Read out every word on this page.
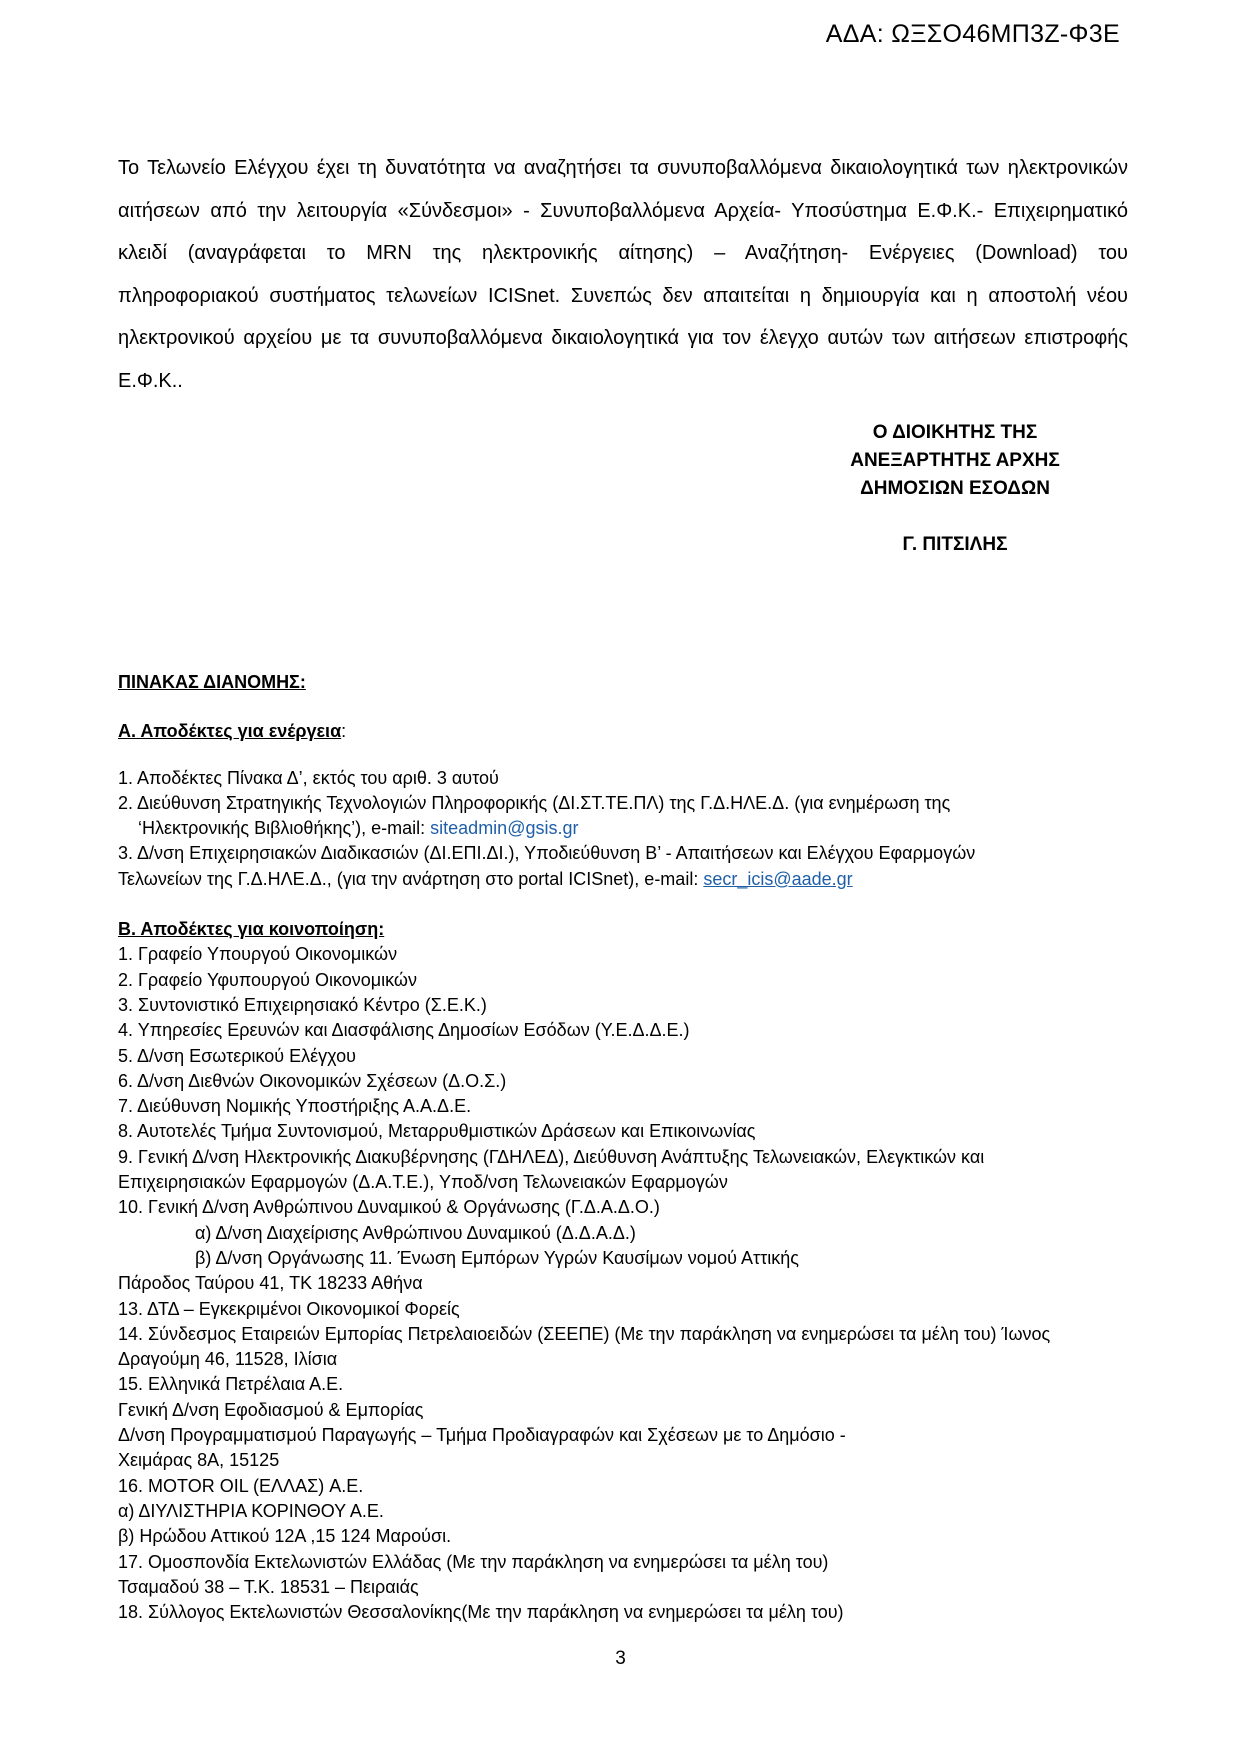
ΑΔΑ: ΩΞΣΟ46ΜΠ3Ζ-Φ3Ε

Το Τελωνείο Ελέγχου έχει τη δυνατότητα να αναζητήσει τα συνυποβαλλόμενα δικαιολογητικά των ηλεκτρονικών αιτήσεων από την λειτουργία «Σύνδεσμοι» - Συνυποβαλλόμενα Αρχεία- Υποσύστημα Ε.Φ.Κ.- Επιχειρηματικό κλειδί (αναγράφεται το MRN της ηλεκτρονικής αίτησης) – Αναζήτηση- Ενέργειες (Download) του πληροφοριακού συστήματος τελωνείων ICISnet. Συνεπώς δεν απαιτείται η δημιουργία και η αποστολή νέου ηλεκτρονικού αρχείου με τα συνυποβαλλόμενα δικαιολογητικά για τον έλεγχο αυτών των αιτήσεων επιστροφής Ε.Φ.Κ..

Ο ΔΙΟΙΚΗΤΗΣ ΤΗΣ
ΑΝΕΞΑΡΤΗΤΗΣ ΑΡΧΗΣ
ΔΗΜΟΣΙΩΝ ΕΣΟΔΩΝ
Γ. ΠΙΤΣΙΛΗΣ
ΠΙΝΑΚΑΣ ΔΙΑΝΟΜΗΣ:
Α. Αποδέκτες για ενέργεια:
1. Αποδέκτες Πίνακα Δ’, εκτός του αριθ. 3 αυτού
2. Διεύθυνση Στρατηγικής Τεχνολογιών Πληροφορικής (ΔΙ.ΣΤ.ΤΕ.ΠΛ) της Γ.Δ.ΗΛΕ.Δ. (για ενημέρωση της
‘Ηλεκτρονικής Βιβλιοθήκης’), e-mail: siteadmin@gsis.gr
3. Δ/νση Επιχειρησιακών Διαδικασιών (ΔΙ.ΕΠΙ.ΔΙ.), Υποδιεύθυνση Β’ - Απαιτήσεων και Ελέγχου Εφαρμογών
Τελωνείων της Γ.Δ.ΗΛΕ.Δ., (για την ανάρτηση στο portal ICISnet), e-mail: secr_icis@aade.gr
Β. Αποδέκτες για κοινοποίηση:
1. Γραφείο Υπουργού Οικονομικών
2. Γραφείο Υφυπουργού Οικονομικών
3. Συντονιστικό Επιχειρησιακό Κέντρο (Σ.Ε.Κ.)
4. Υπηρεσίες Ερευνών και Διασφάλισης Δημοσίων Εσόδων (Υ.Ε.Δ.Δ.Ε.)
5. Δ/νση Εσωτερικού Ελέγχου
6. Δ/νση Διεθνών Οικονομικών Σχέσεων (Δ.Ο.Σ.)
7. Διεύθυνση Νομικής Υποστήριξης Α.Α.Δ.Ε.
8. Αυτοτελές Τμήμα Συντονισμού, Μεταρρυθμιστικών Δράσεων και Επικοινωνίας
9. Γενική Δ/νση Ηλεκτρονικής Διακυβέρνησης (ΓΔΗΛΕΔ), Διεύθυνση Ανάπτυξης Τελωνειακών, Ελεγκτικών και
Επιχειρησιακών Εφαρμογών (Δ.Α.Τ.Ε.), Υποδ/νση Τελωνειακών Εφαρμογών
10. Γενική Δ/νση Ανθρώπινου Δυναμικού & Οργάνωσης (Γ.Δ.Α.Δ.Ο.)
α) Δ/νση Διαχείρισης Ανθρώπινου Δυναμικού (Δ.Δ.Α.Δ.)
β) Δ/νση Οργάνωσης 11. Ένωση Εμπόρων Υγρών Καυσίμων νομού Αττικής
Πάροδος Ταύρου 41, ΤΚ 18233 Αθήνα
13. ΔΤΔ – Εγκεκριμένοι Οικονομικοί Φορείς
14. Σύνδεσμος Εταιρειών Εμπορίας Πετρελαιοειδών (ΣΕΕΠΕ) (Με την παράκληση να ενημερώσει τα μέλη του) Ίωνος
Δραγούμη 46, 11528, Ιλίσια
15. Ελληνικά Πετρέλαια Α.Ε.
Γενική Δ/νση Εφοδιασμού & Εμπορίας
Δ/νση Προγραμματισμού Παραγωγής – Τμήμα Προδιαγραφών και Σχέσεων με το Δημόσιο -
Χειμάρας 8Α, 15125
16. MOTOR OIL (ΕΛΛΑΣ) Α.Ε.
α) ΔΙΥΛΙΣΤΗΡΙΑ ΚΟΡΙΝΘΟΥ Α.Ε.
β) Ηρώδου Αττικού 12Α ,15 124 Μαρούσι.
17. Ομοσπονδία Εκτελωνιστών Ελλάδας (Με την παράκληση να ενημερώσει τα μέλη του)
Τσαμαδού 38 – Τ.Κ. 18531 – Πειραιάς
18. Σύλλογος Εκτελωνιστών Θεσσαλονίκης(Με την παράκληση να ενημερώσει τα μέλη του)
3
